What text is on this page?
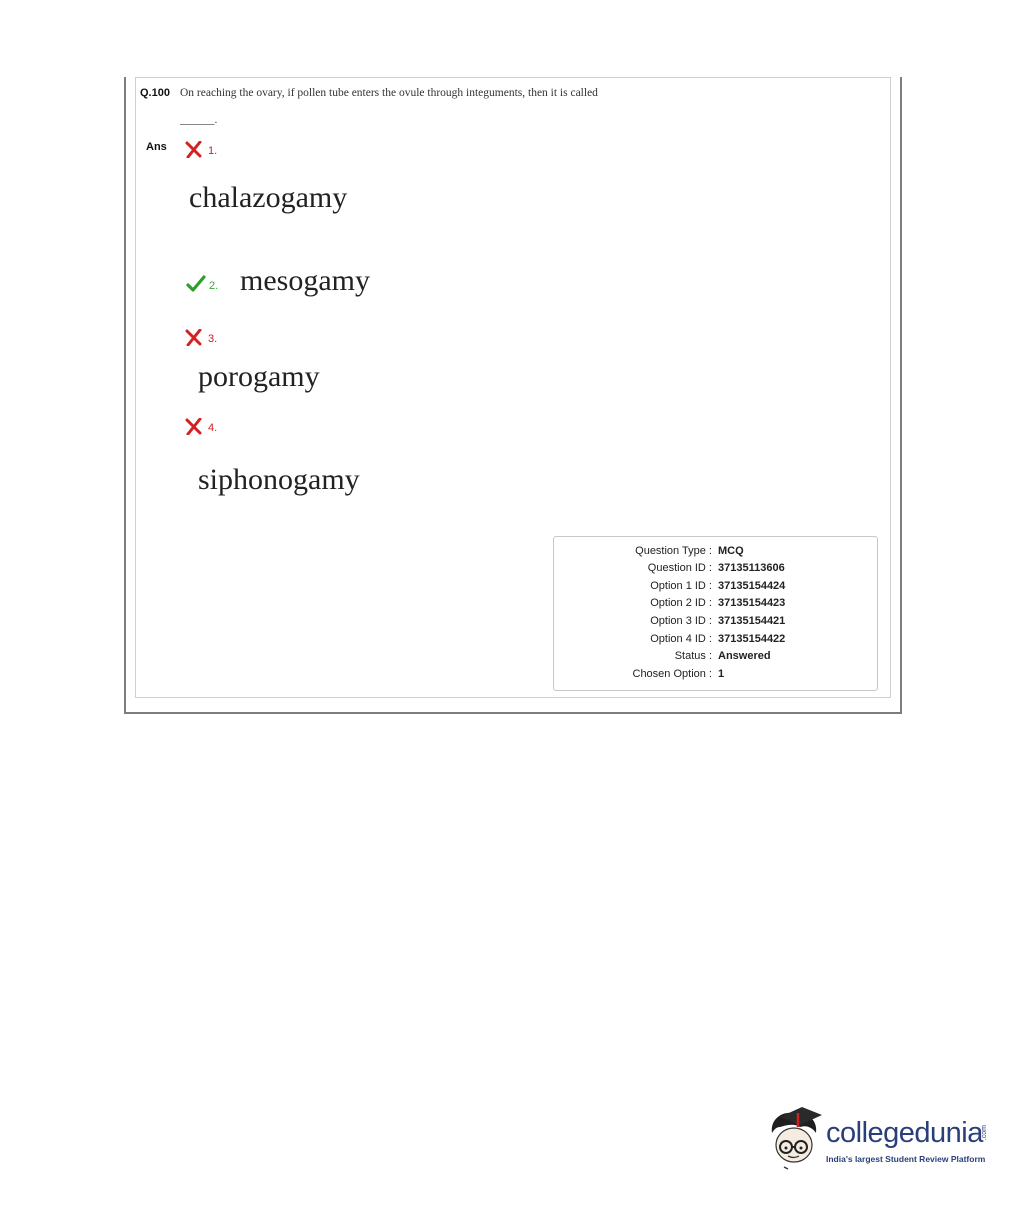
Q.100 On reaching the ovary, if pollen tube enters the ovule through integuments, then it is called
______.
Ans	1.
chalazogamy
2. mesogamy
3.
porogamy
4.
siphonogamy
Question Type : MCQ
Question ID : 37135113606
Option 1 ID : 37135154424
Option 2 ID : 37135154423
Option 3 ID : 37135154421
Option 4 ID : 37135154422
Status : Answered
Chosen Option : 1
collegedunia
.com
India's largest Student Review Platform
